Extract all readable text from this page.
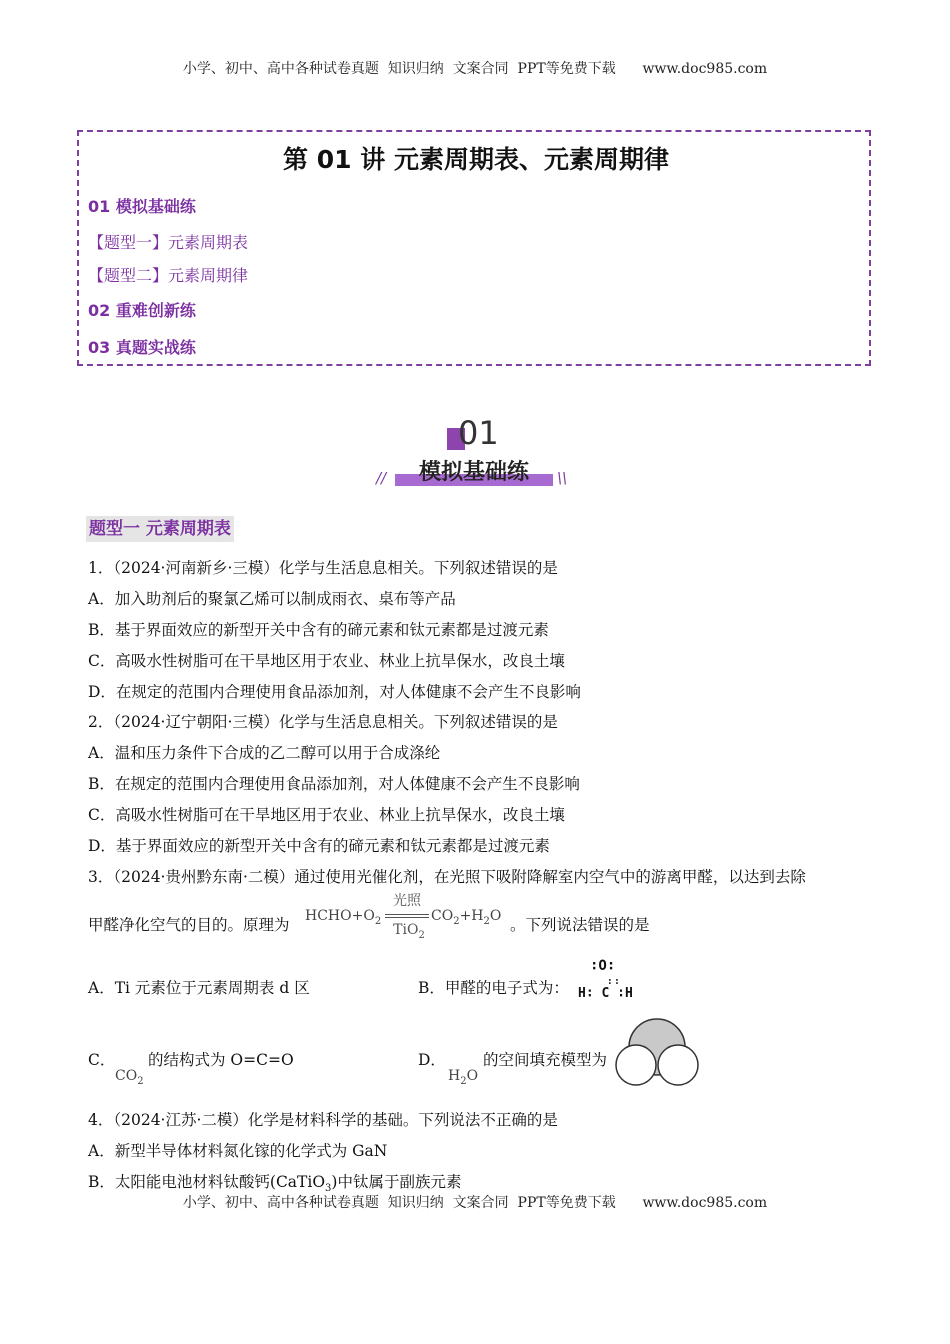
小学、初中、高中各种试卷真题  知识归纳  文案合同  PPT等免费下载      www.doc985.com
第 01 讲 元素周期表、元素周期律
01 模拟基础练
【题型一】元素周期表
【题型二】元素周期律
02 重难创新练
03 真题实战练
01
模拟基础练
//	\\
题型一 元素周期表
1．（2024·河南新乡·三模）化学与生活息息相关。下列叙述错误的是
A．加入助剂后的聚氯乙烯可以制成雨衣、桌布等产品
B．基于界面效应的新型开关中含有的碲元素和钛元素都是过渡元素
C．高吸水性树脂可在干旱地区用于农业、林业上抗旱保水，改良土壤
D．在规定的范围内合理使用食品添加剂，对人体健康不会产生不良影响
2．（2024·辽宁朝阳·三模）化学与生活息息相关。下列叙述错误的是
A．温和压力条件下合成的乙二醇可以用于合成涤纶
B．在规定的范围内合理使用食品添加剂，对人体健康不会产生不良影响
C．高吸水性树脂可在干旱地区用于农业、林业上抗旱保水，改良土壤
D．基于界面效应的新型开关中含有的碲元素和钛元素都是过渡元素
3．（2024·贵州黔东南·二模）通过使用光催化剂，在光照下吸附降解室内空气中的游离甲醛，以达到去除
甲醛净化空气的目的。原理为 $HCHO+O_2$
光照
TiO$_2$
$CO_2+H_2O$ 。下列说法错误的是
A．Ti 元素位于元素周期表 d 区	B．甲醛的电子式为：
∶O∶
: :
H∶ C ∶H
C． 的结构式为 O=C=O
$CO_2$
D． 的空间填充模型为
$H_2O$
4．（2024·江苏·二模）化学是材料科学的基础。下列说法不正确的是
A．新型半导体材料氮化镓的化学式为 GaN
B．太阳能电池材料钛酸钙(CaTiO$_3$)中钛属于副族元素
小学、初中、高中各种试卷真题  知识归纳  文案合同  PPT等免费下载      www.doc985.com
